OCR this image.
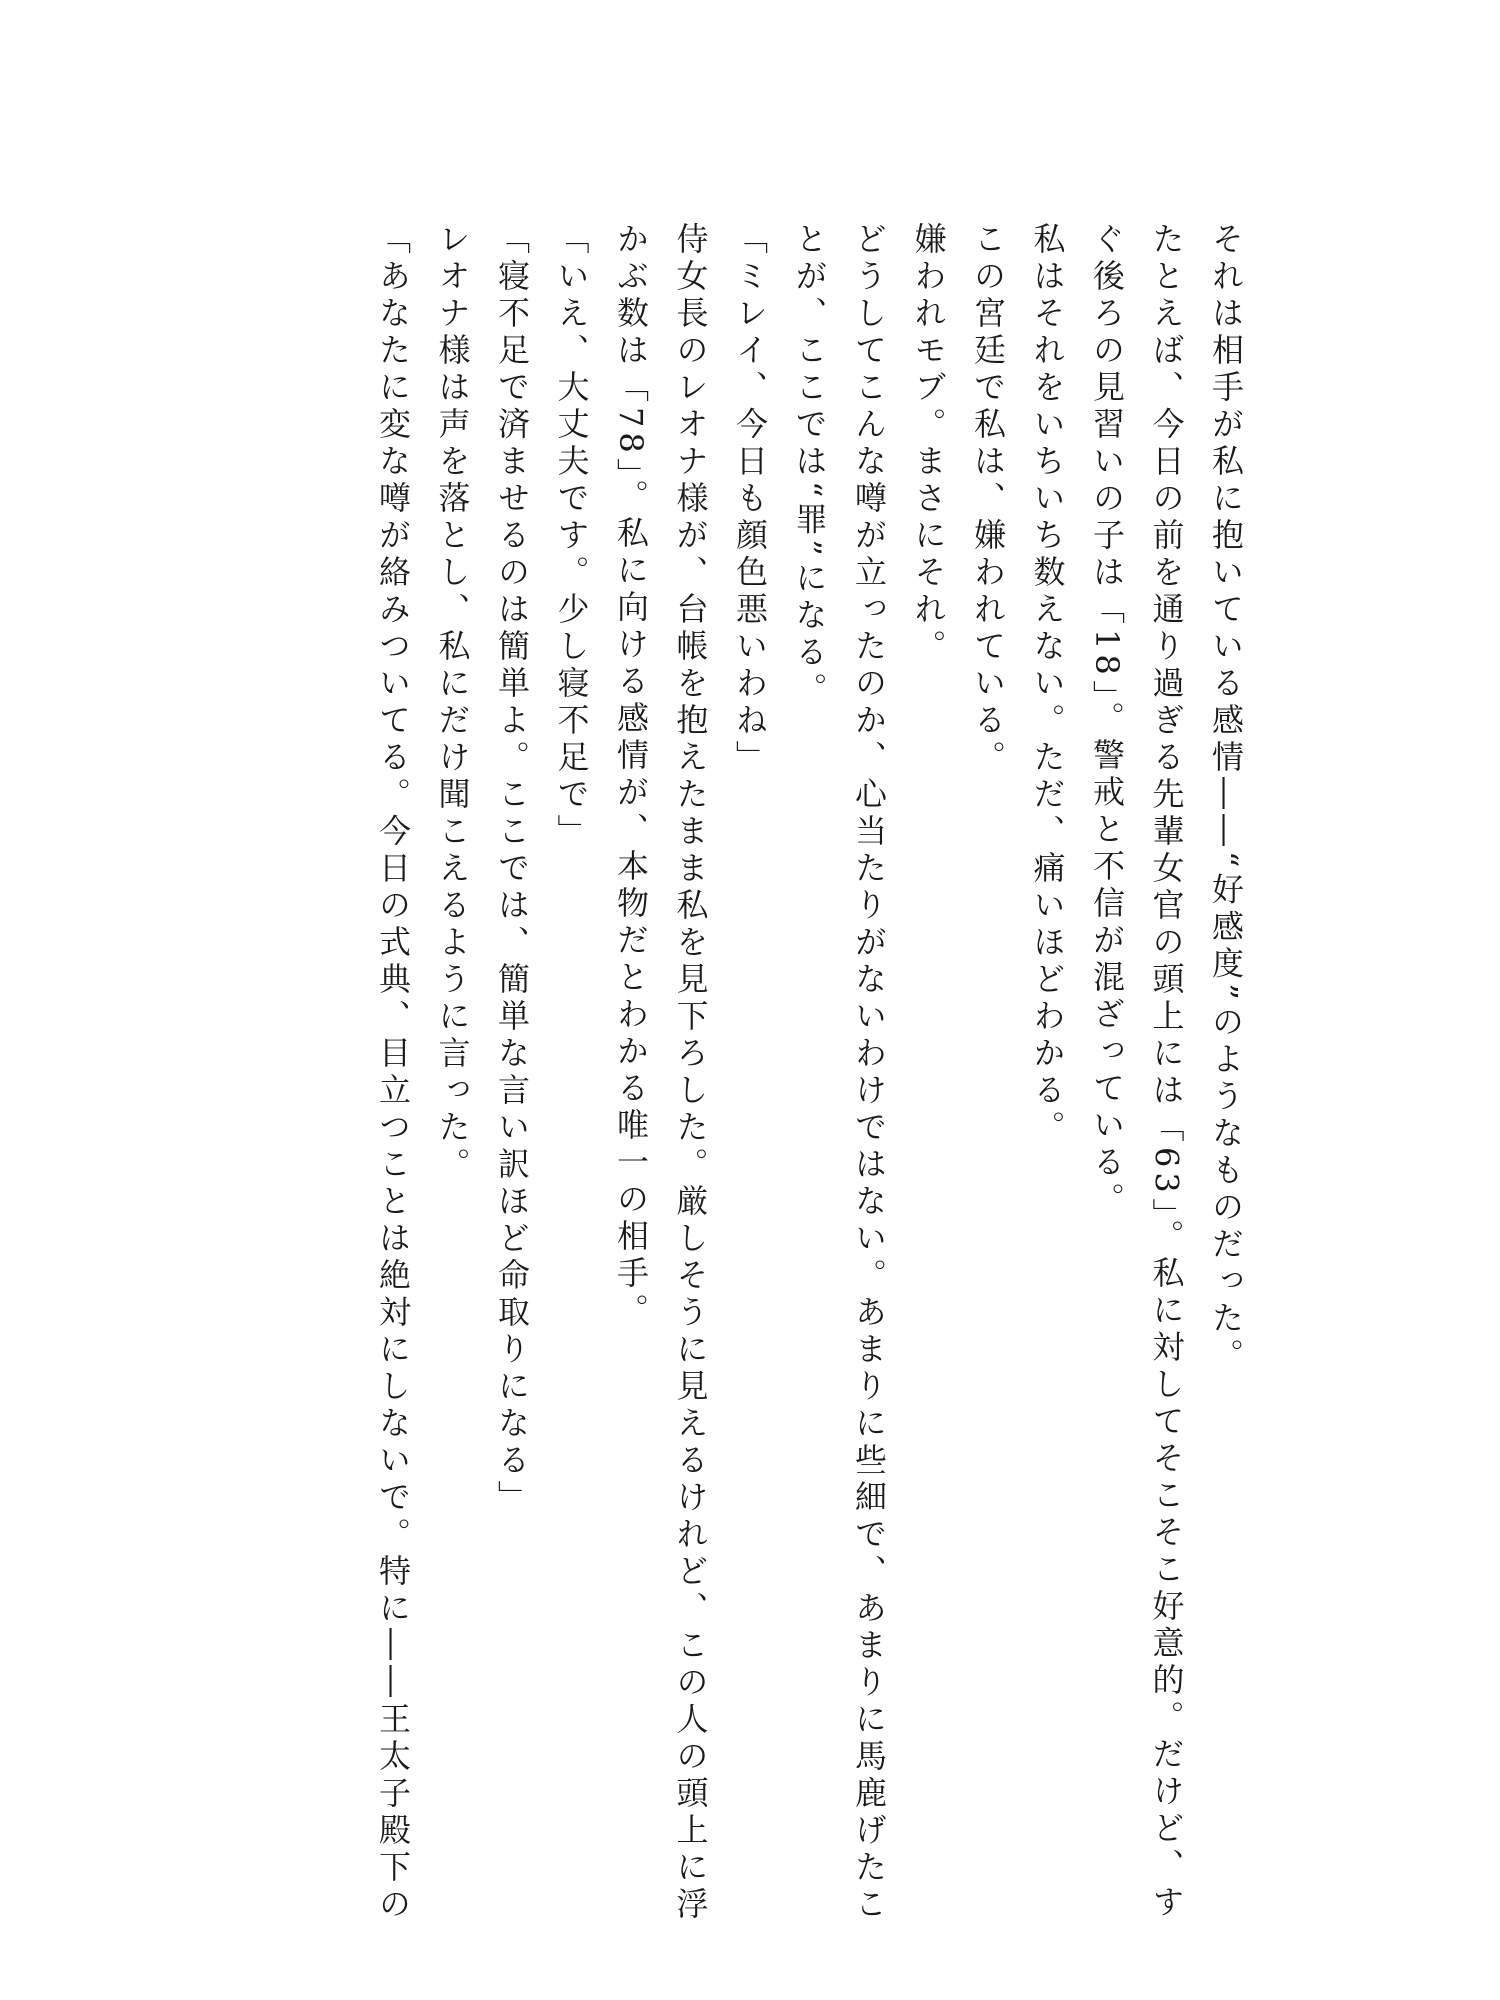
それは相手が私に抱いている感情――“好感度”のようなものだった。

たとえば、今日の前を通り過ぎる先輩女官の頭上には「63」。私に対してそこそこ好意的。だけど、す

ぐ後ろの見習いの子は「18」。警戒と不信が混ざっている。

私はそれをいちいち数えない。ただ、痛いほどわかる。

この宮廷で私は、嫌われている。

嫌われモブ。まさにそれ。

どうしてこんな噂が立ったのか、心当たりがないわけではない。あまりに些細で、あまりに馬鹿げたこ

とが、ここでは“罪”になる。

「ミレイ、今日も顔色悪いわね」

侍女長のレオナ様が、台帳を抱えたまま私を見下ろした。厳しそうに見えるけれど、この人の頭上に浮

かぶ数は「78」。私に向ける感情が、本物だとわかる唯一の相手。

「いえ、大丈夫です。少し寝不足で」

「寝不足で済ませるのは簡単よ。ここでは、簡単な言い訳ほど命取りになる」

レオナ様は声を落とし、私にだけ聞こえるように言った。

「あなたに変な噂が絡みついてる。今日の式典、目立つことは絶対にしないで。特に――王太子殿下の
